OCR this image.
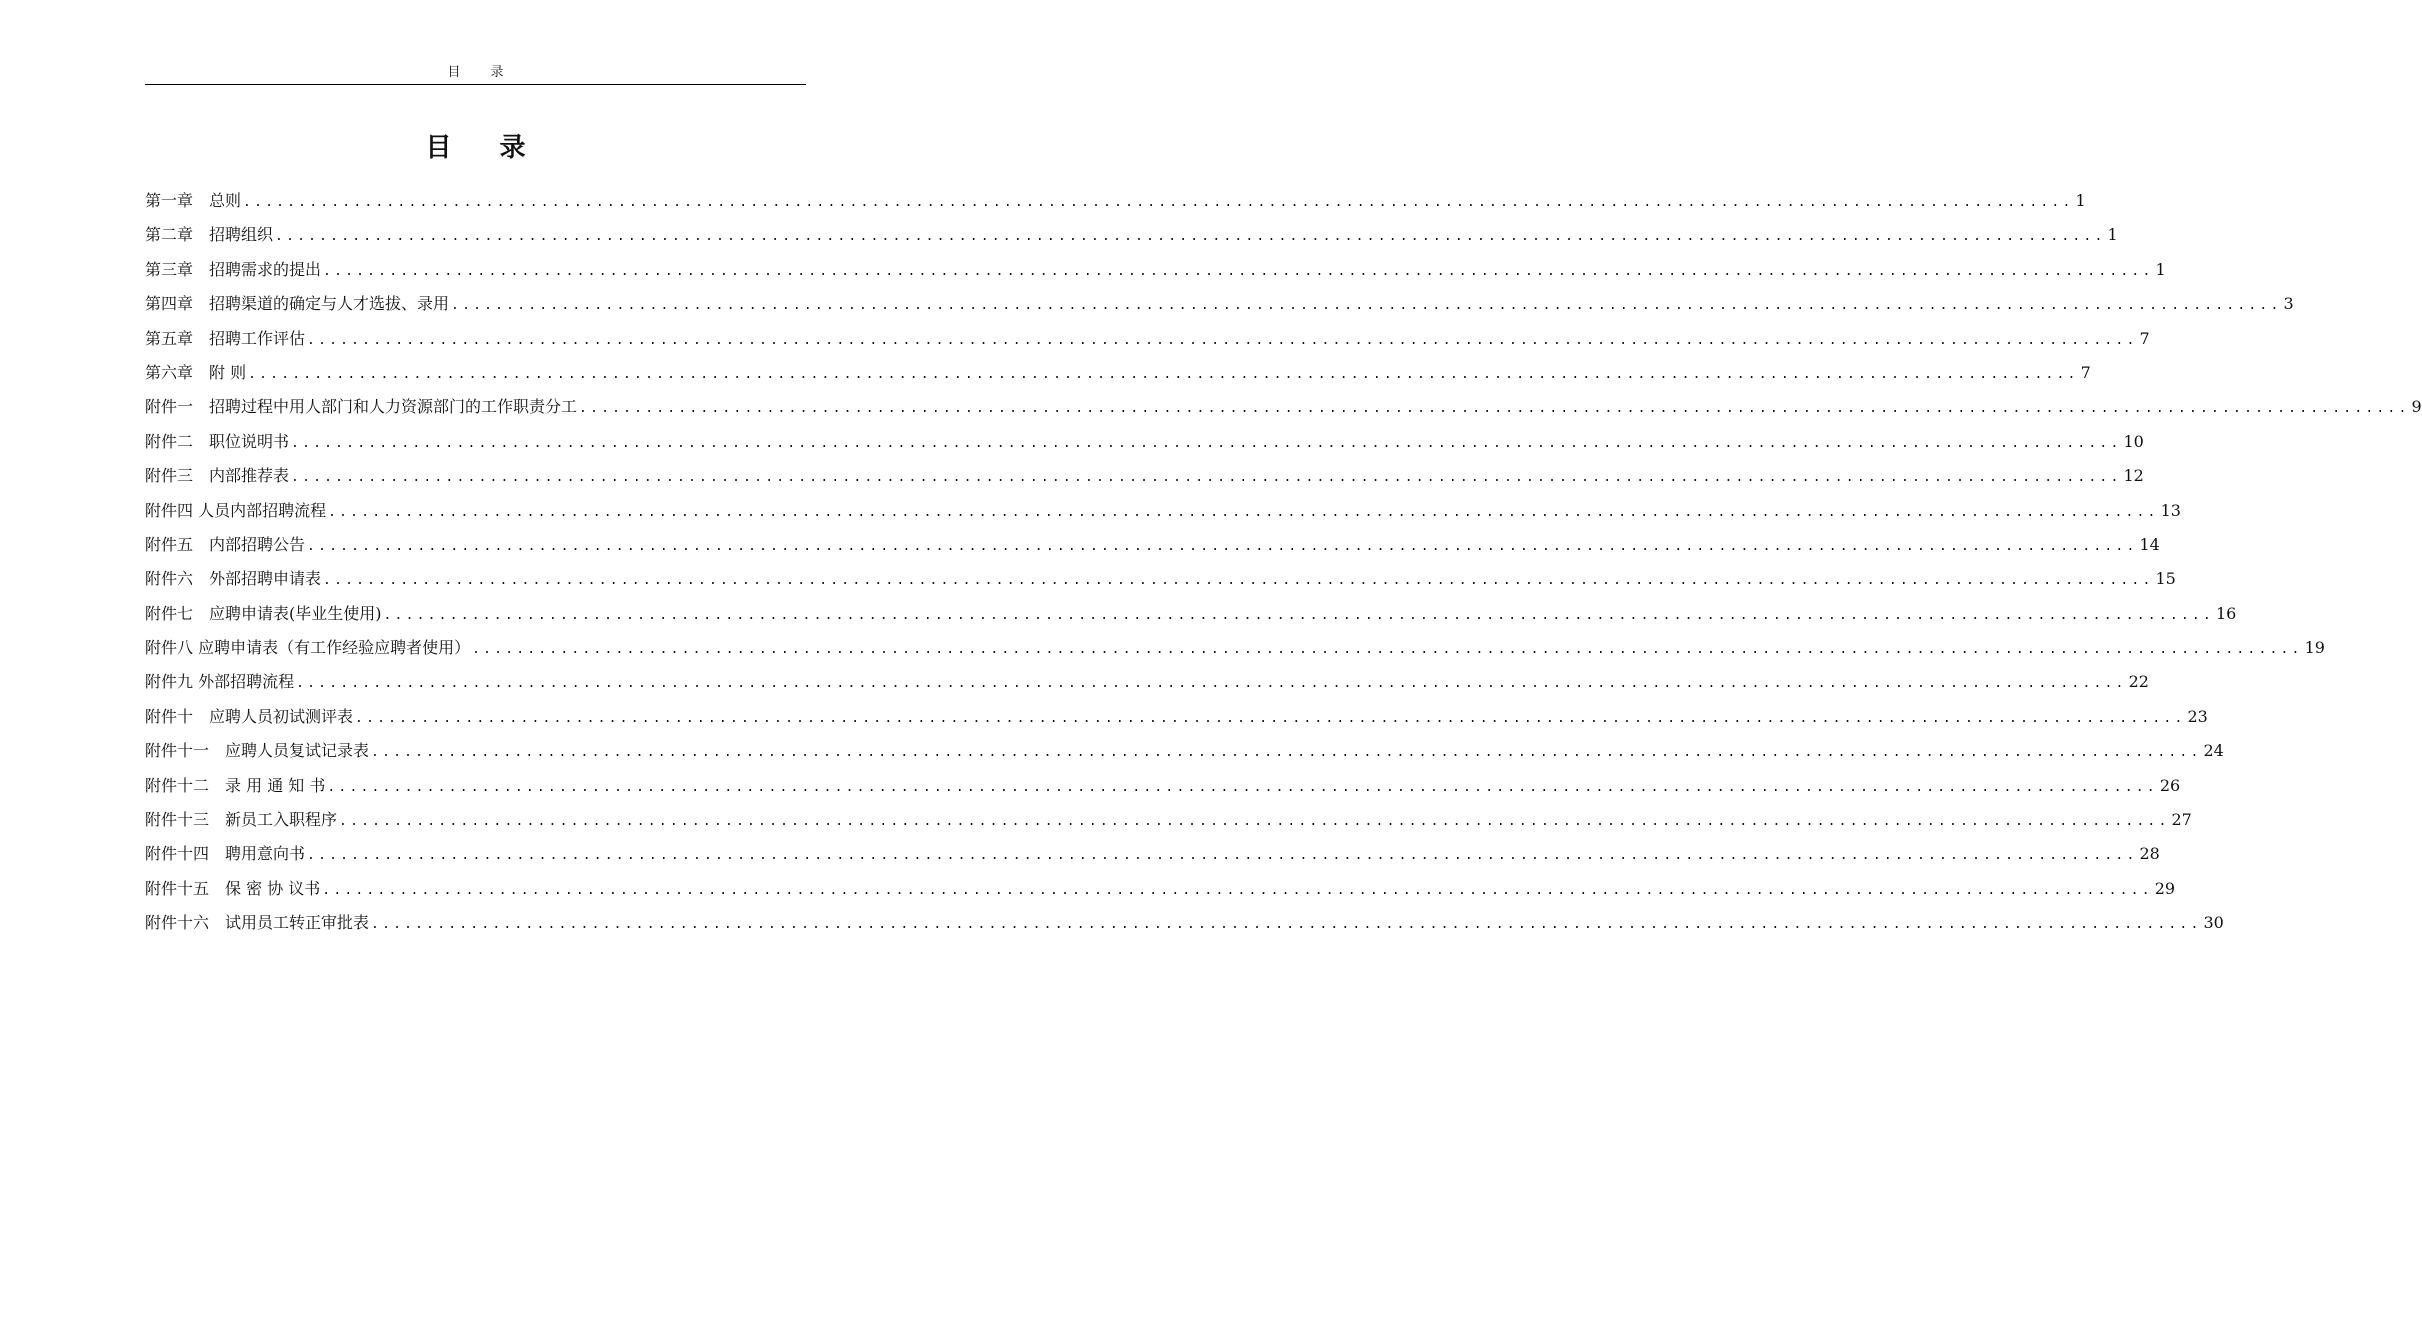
目录
目录
第一章
　 总则 ...................................................................................................................................................................... 1
第二章
　 招聘组织 ...................................................................................................................................................................... 1
第三章
　 招聘需求的提出 ...................................................................................................................................................................... 1
第四章
　 招聘渠道的确定与人才选拔、录用 ...................................................................................................................................................................... 3
第五章
　 招聘工作评估 ...................................................................................................................................................................... 7
第六章
　 附 则 ...................................................................................................................................................................... 7
附件一
　 招聘过程中用人部门和人力资源部门的工作职责分工 ...................................................................................................................................................................... 9
附件二
　 职位说明书 ...................................................................................................................................................................... 10
附件三
　 内部推荐表 ...................................................................................................................................................................... 12
附件四
人员内部招聘流程 ...................................................................................................................................................................... 13
附件五
　 内部招聘公告 ...................................................................................................................................................................... 14
附件六
　 外部招聘申请表 ...................................................................................................................................................................... 15
附件七
　 应聘申请表(毕业生使用) ...................................................................................................................................................................... 16
附件八
应聘申请表（有工作经验应聘者使用） ...................................................................................................................................................................... 19
附件九
外部招聘流程 ...................................................................................................................................................................... 22
附件十
　 应聘人员初试测评表 ...................................................................................................................................................................... 23
附件十一
　 应聘人员复试记录表 ...................................................................................................................................................................... 24
附件十二
　 录 用 通 知 书 ...................................................................................................................................................................... 26
附件十三
　 新员工入职程序 ...................................................................................................................................................................... 27
附件十四
　 聘用意向书 ...................................................................................................................................................................... 28
附件十五
　 保 密 协 议书 ...................................................................................................................................................................... 29
附件十六
　 试用员工转正审批表 ...................................................................................................................................................................... 30
